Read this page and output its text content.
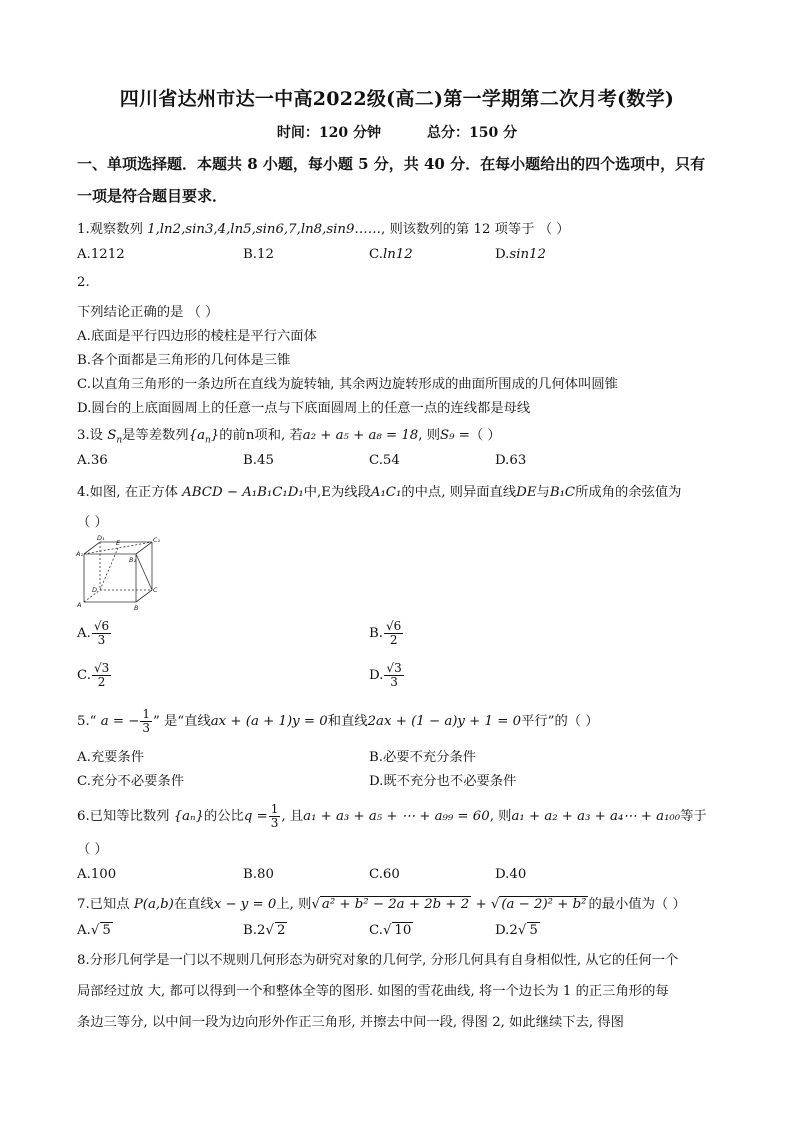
四川省达州市达一中高2022级(高二)第一学期第二次月考(数学)
时间：120 分钟	总分：150 分
一、单项选择题．本题共 8 小题，每小题 5 分，共 40 分．在每小题给出的四个选项中，只有
一项是符合题目要求．
1.观察数列 1,ln2,sin3,4,ln5,sin6,7,ln8,sin9……, 则该数列的第 12 项等于 （ ）
A.1212	B.12	C.ln12	D.sin12
2.
下列结论正确的是 （ ）
A.底面是平行四边形的棱柱是平行六面体
B.各个面都是三角形的几何体是三锥
C.以直角三角形的一条边所在直线为旋转轴, 其余两边旋转形成的曲面所围成的几何体叫圆锥
D.圆台的上底面圆周上的任意一点与下底面圆周上的任意一点的连线都是母线
3.设 $S_n$是等差数列$\{a_n\}$的前n项和, 若a₂ + a₅ + a₈ = 18, 则S₉ =（ ）
A.36	B.45	C.54	D.63
4.如图, 在正方体 ABCD − A₁B₁C₁D₁中,E为线段A₁C₁的中点, 则异面直线DE与B₁C所成角的余弦值为
（ ）
D₁
E	C₁
A₁
B₁
D	C
A	B
A. $\frac{√6}{3}$	B. $\frac{√6}{2}$
C. $\frac{√3}{2}$	D. $\frac{√3}{3}$
5.“ a = − $\frac{1}{3}$ ” 是“直线ax + (a + 1)y = 0和直线2ax + (1 − a)y + 1 = 0平行”的（ ）
A.充要条件	B.必要不充分条件
C.充分不必要条件	D.既不充分也不必要条件
6.已知等比数列 {aₙ}的公比$q = \frac{1}{3}$ , 且a₁ + a₃ + a₅ + ⋯ + a₉₉ = 60, 则a₁ + a₂ + a₃ + a₄⋯ + a₁₀₀等于
（ ）
A.100	B.80	C.60	D.40
7.已知点 P(a,b)在直线x − y = 0上, 则√ a² + b² − 2a + 2b + 2 + √ (a − 2)² + b² 的最小值为（ ）
A.√ 5	B.2√ 2	C.√ 10	D.2√ 5
8.分形几何学是一门以不规则几何形态为研究对象的几何学, 分形几何具有自身相似性, 从它的任何一个
局部经过放 大, 都可以得到一个和整体全等的图形. 如图的雪花曲线, 将一个边长为 1 的正三角形的每
条边三等分, 以中间一段为边向形外作正三角形, 并擦去中间一段, 得图 2, 如此继续下去, 得图
